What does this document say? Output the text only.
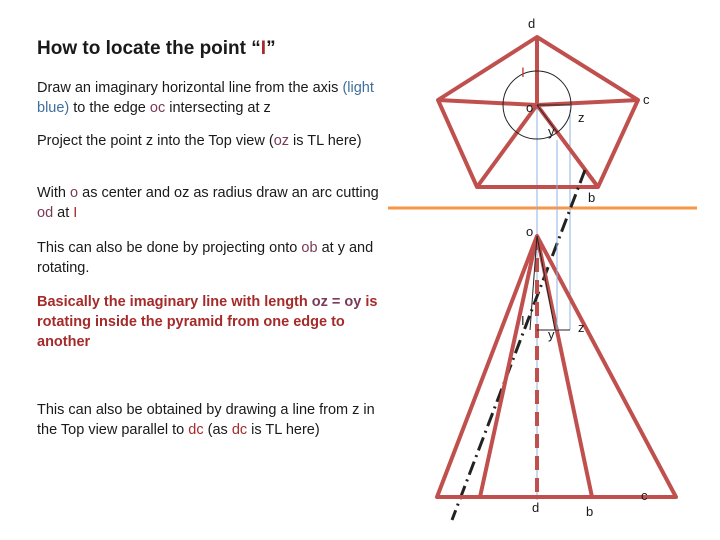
How to locate the point “I”
Draw an imaginary horizontal line from the axis (light blue) to the edge oc intersecting at z
Project the point z into the Top view (oz is TL here)
With o as center and oz as radius draw an arc cutting od at I
This can also be done by projecting onto ob at y and rotating.
Basically the imaginary line with length oz = oy is rotating inside the pyramid from one edge to another
This can also be obtained by drawing a line from z in the Top view parallel to dc (as dc is TL here)
d
I
o
c
z
y
b
o
I
y z
d	b
c
